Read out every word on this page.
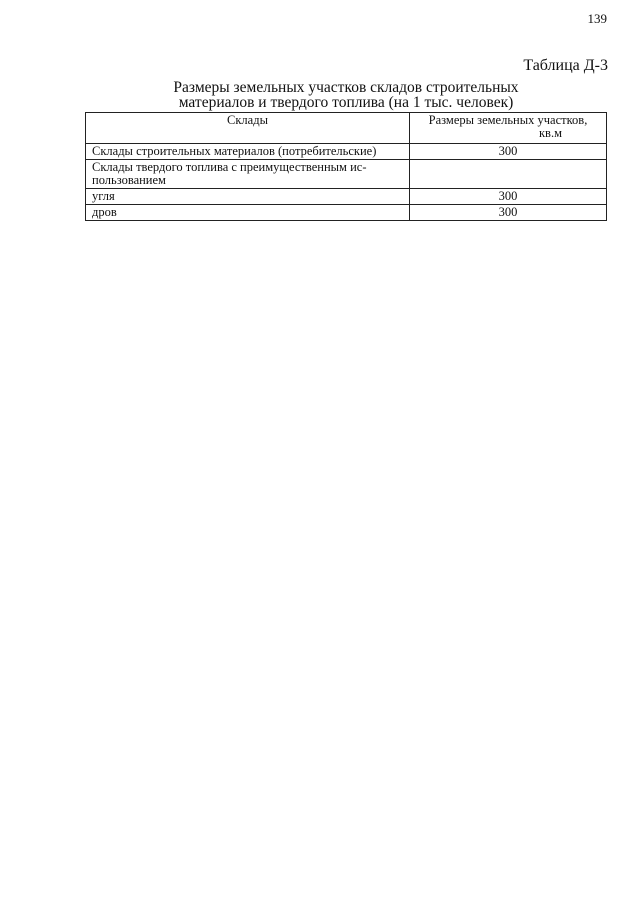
139
Таблица Д-3
Размеры земельных участков складов строительных
материалов и твердого топлива (на 1 тыс. человек)
Склады	Размеры земельных участков,
кв.м

Склады строительных материалов (потребительские)	300

Склады твердого топлива с преимущественным ис-
пользованием	

угля	300
дров	300
